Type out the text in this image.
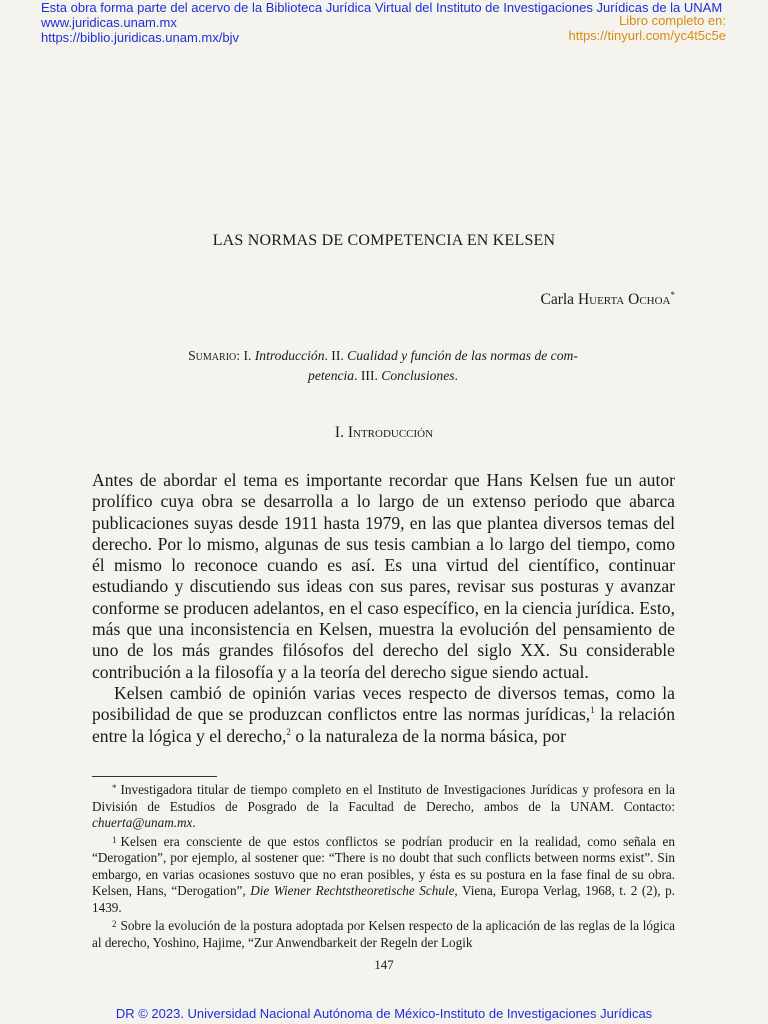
Esta obra forma parte del acervo de la Biblioteca Jurídica Virtual del Instituto de Investigaciones Jurídicas de la UNAM
www.juridicas.unam.mx
https://biblio.juridicas.unam.mx/bjv
Libro completo en:
https://tinyurl.com/yc4t5c5e
LAS NORMAS DE COMPETENCIA EN KELSEN
Carla Huerta Ochoa*
Sumario: I. Introducción. II. Cualidad y función de las normas de com-
petencia. III. Conclusiones.
I. Introducción

Antes de abordar el tema es importante recordar que Hans Kelsen fue un autor prolífico cuya obra se desarrolla a lo largo de un extenso periodo que abarca publicaciones suyas desde 1911 hasta 1979, en las que plantea diversos temas del derecho. Por lo mismo, algunas de sus tesis cambian a lo largo del tiempo, como él mismo lo reconoce cuando es así. Es una virtud del científico, continuar estudiando y discutiendo sus ideas con sus pares, revisar sus posturas y avanzar conforme se producen adelantos, en el caso específico, en la ciencia jurídica. Esto, más que una inconsistencia en Kelsen, muestra la evolución del pensamiento de uno de los más grandes filósofos del derecho del siglo XX. Su considerable contribución a la filosofía y a la teoría del derecho sigue siendo actual.

Kelsen cambió de opinión varias veces respecto de diversos temas, como la posibilidad de que se produzcan conflictos entre las normas jurídicas,$^1$ la relación entre la lógica y el derecho,$^2$ o la naturaleza de la norma básica, por

* Investigadora titular de tiempo completo en el Instituto de Investigaciones Jurídicas y profesora en la División de Estudios de Posgrado de la Facultad de Derecho, ambos de la UNAM. Contacto: chuerta@unam.mx.

$^1$ Kelsen era consciente de que estos conflictos se podrían producir en la realidad, como señala en “Derogation”, por ejemplo, al sostener que: “There is no doubt that such conflicts between norms exist”. Sin embargo, en varias ocasiones sostuvo que no eran posibles, y ésta es su postura en la fase final de su obra. Kelsen, Hans, “Derogation”, Die Wiener Rechtstheoretische Schule, Viena, Europa Verlag, 1968, t. 2 (2), p. 1439.

$^2$ Sobre la evolución de la postura adoptada por Kelsen respecto de la aplicación de las reglas de la lógica al derecho, Yoshino, Hajime, “Zur Anwendbarkeit der Regeln der Logik

147
DR © 2023. Universidad Nacional Autónoma de México-Instituto de Investigaciones Jurídicas
